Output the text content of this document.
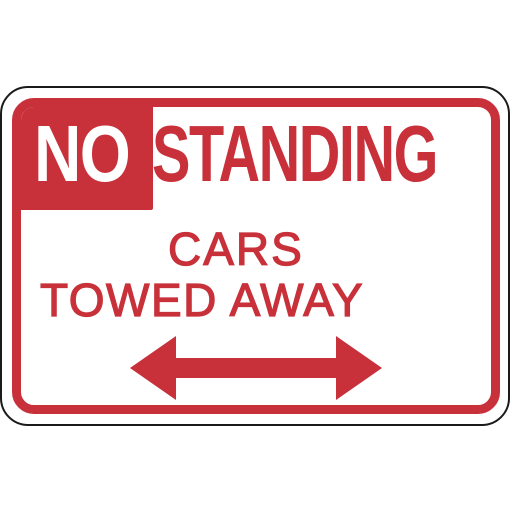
NO STANDING
CARS
TOWED AWAY
